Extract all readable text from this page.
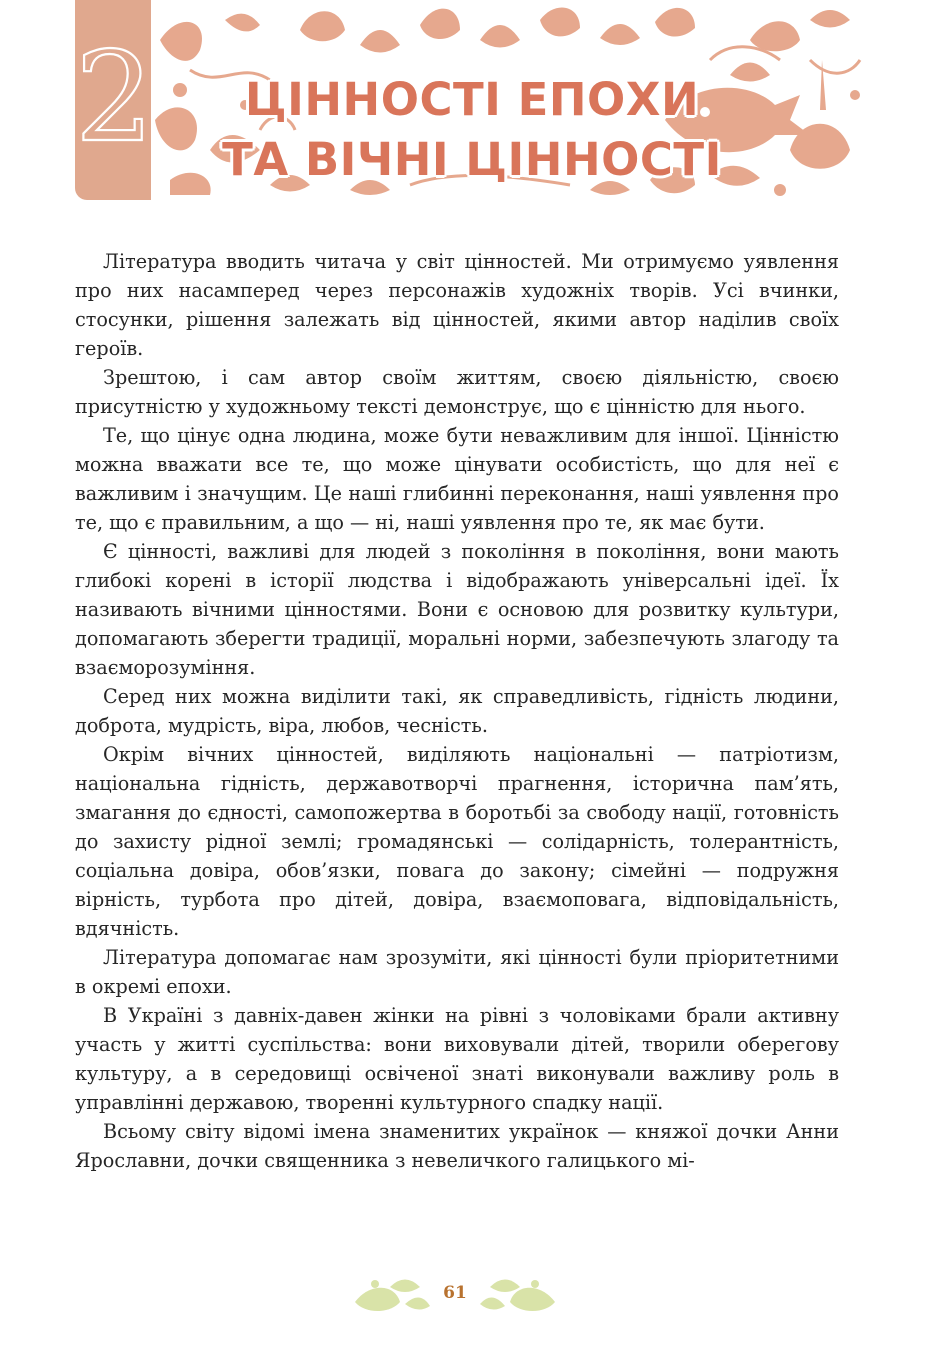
2	ЦІННОСТІ ЕПОХИ
ТА ВІЧНІ ЦІННОСТІ

Література вводить читача у світ цінностей. Ми отримуємо уявлення про них насамперед через персонажів художніх творів. Усі вчинки, стосунки, рішення залежать від цінностей, якими автор наділив своїх героїв.

Зрештою, і сам автор своїм життям, своєю діяльністю, своєю присутністю у художньому тексті демонструє, що є цінністю для нього.

Те, що цінує одна людина, може бути неважливим для іншої. Цінністю можна вважати все те, що може цінувати особистість, що для неї є важливим і значущим. Це наші глибинні переконання, наші уявлення про те, що є правильним, а що — ні, наші уявлення про те, як має бути.

Є цінності, важливі для людей з покоління в покоління, вони мають глибокі корені в історії людства і відображають універсальні ідеї. Їх називають вічними цінностями. Вони є основою для розвитку культури, допомагають зберегти традиції, моральні норми, забезпечують злагоду та взаєморозуміння.

Серед них можна виділити такі, як справедливість, гідність людини, доброта, мудрість, віра, любов, чесність.

Окрім вічних цінностей, виділяють національні — патріотизм, національна гідність, державотворчі прагнення, історична пам’ять, змагання до єдності, самопожертва в боротьбі за свободу нації, готовність до захисту рідної землі; громадянські — солідарність, толерантність, соціальна довіра, обов’язки, повага до закону; сімейні — подружня вірність, турбота про дітей, довіра, взаємоповага, відповідальність, вдячність.

Література допомагає нам зрозуміти, які цінності були пріоритетними в окремі епохи.

В Україні з давніх-давен жінки на рівні з чоловіками брали активну участь у житті суспільства: вони виховували дітей, творили оберегову культуру, а в середовищі освіченої знаті виконували важливу роль в управлінні державою, творенні культурного спадку нації.

Всьому світу відомі імена знаменитих українок — княжої дочки Анни Ярославни, дочки священника з невеличкого галицького мі-

61
